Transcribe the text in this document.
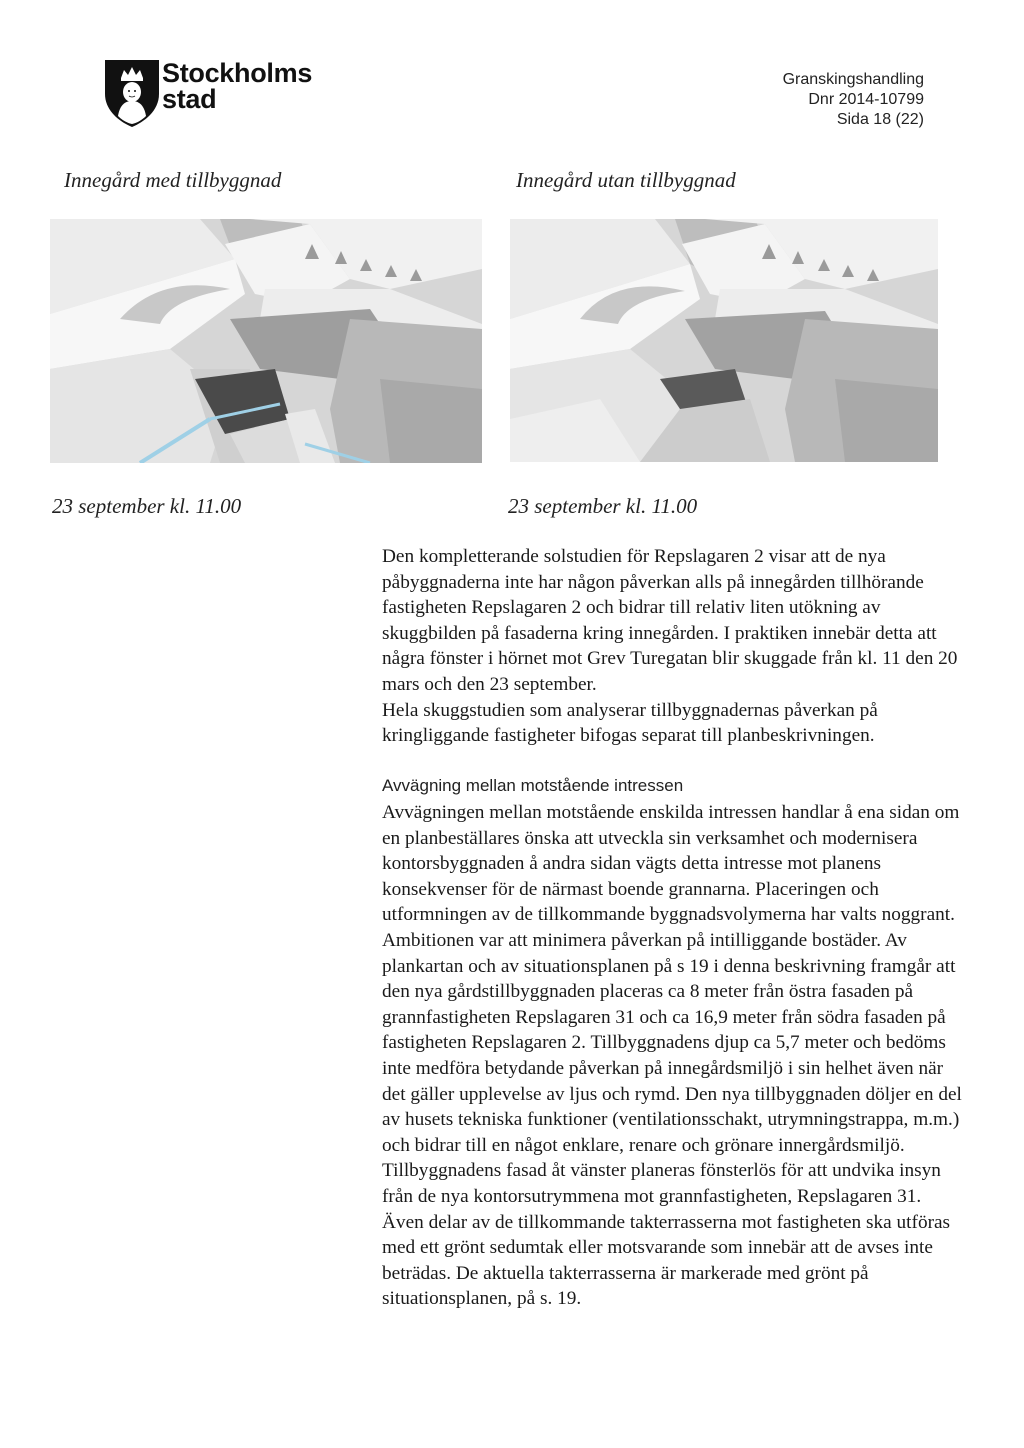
Stockholms
stad
Granskingshandling
Dnr 2014-10799
Sida 18 (22)
Innegård med tillbyggnad	Innegård utan tillbyggnad
23 september kl. 11.00	23 september kl. 11.00

Den kompletterande solstudien för Repslagaren 2 visar att de nya påbyggnaderna inte har någon påverkan alls på innegården tillhörande fastigheten Repslagaren 2 och bidrar till relativ liten utökning av skuggbilden på fasaderna kring innegården. I praktiken innebär detta att några fönster i hörnet mot Grev Turegatan blir skuggade från kl. 11 den 20 mars och den 23 september.

Hela skuggstudien som analyserar tillbyggnadernas påverkan på kringliggande fastigheter bifogas separat till planbeskrivningen.

Avvägning mellan motstående intressen

Avvägningen mellan motstående enskilda intressen handlar å ena sidan om en planbeställares önska att utveckla sin verksamhet och modernisera kontorsbyggnaden å andra sidan vägts detta intresse mot planens konsekvenser för de närmast boende grannarna. Placeringen och utformningen av de tillkommande byggnadsvolymerna har valts noggrant. Ambitionen var att minimera påverkan på intilliggande bostäder. Av plankartan och av situationsplanen på s 19 i denna beskrivning framgår att den nya gårdstillbyggnaden placeras ca 8 meter från östra fasaden på grannfastigheten Repslagaren 31 och ca 16,9 meter från södra fasaden på fastigheten Repslagaren 2. Tillbyggnadens djup ca 5,7 meter och bedöms inte medföra betydande påverkan på innegårdsmiljö i sin helhet även när det gäller upplevelse av ljus och rymd. Den nya tillbyggnaden döljer en del av husets tekniska funktioner (ventilationsschakt, utrymningstrappa, m.m.) och bidrar till en något enklare, renare och grönare innergårdsmiljö. Tillbyggnadens fasad åt vänster planeras fönsterlös för att undvika insyn från de nya kontorsutrymmena mot grannfastigheten, Repslagaren 31. Även delar av de tillkommande takterrasserna mot fastigheten ska utföras med ett grönt sedumtak eller motsvarande som innebär att de avses inte beträdas. De aktuella takterrasserna är markerade med grönt på situationsplanen, på s. 19.
